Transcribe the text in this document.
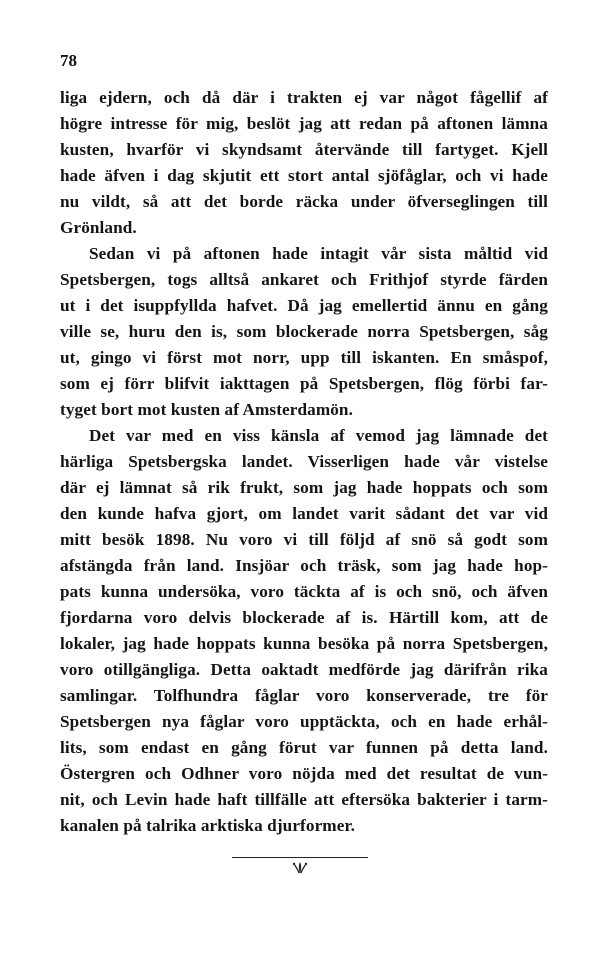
78
liga ejdern, och då där i trakten ej var något fågellif af
högre intresse för mig, beslöt jag att redan på aftonen lämna
kusten, hvarför vi skyndsamt återvände till fartyget. Kjell
hade äfven i dag skjutit ett stort antal sjöfåglar, och vi hade
nu vildt, så att det borde räcka under öfverseglingen till
Grönland.
Sedan vi på aftonen hade intagit vår sista måltid vid
Spetsbergen, togs alltså ankaret och Frithjof styrde färden
ut i det isuppfyllda hafvet. Då jag emellertid ännu en gång
ville se, huru den is, som blockerade norra Spetsbergen, såg
ut, gingo vi först mot norr, upp till iskanten. En småspof,
som ej förr blifvit iakttagen på Spetsbergen, flög förbi far-
tyget bort mot kusten af Amsterdamön.
Det var med en viss känsla af vemod jag lämnade det
härliga Spetsbergska landet. Visserligen hade vår vistelse
där ej lämnat så rik frukt, som jag hade hoppats och som
den kunde hafva gjort, om landet varit sådant det var vid
mitt besök 1898. Nu voro vi till följd af snö så godt som
afstängda från land. Insjöar och träsk, som jag hade hop-
pats kunna undersöka, voro täckta af is och snö, och äfven
fjordarna voro delvis blockerade af is. Härtill kom, att de
lokaler, jag hade hoppats kunna besöka på norra Spetsbergen,
voro otillgängliga. Detta oaktadt medförde jag därifrån rika
samlingar. Tolfhundra fåglar voro konserverade, tre för
Spetsbergen nya fåglar voro upptäckta, och en hade erhål-
lits, som endast en gång förut var funnen på detta land.
Östergren och Odhner voro nöjda med det resultat de vun-
nit, och Levin hade haft tillfälle att eftersöka bakterier i tarm-
kanalen på talrika arktiska djurformer.
